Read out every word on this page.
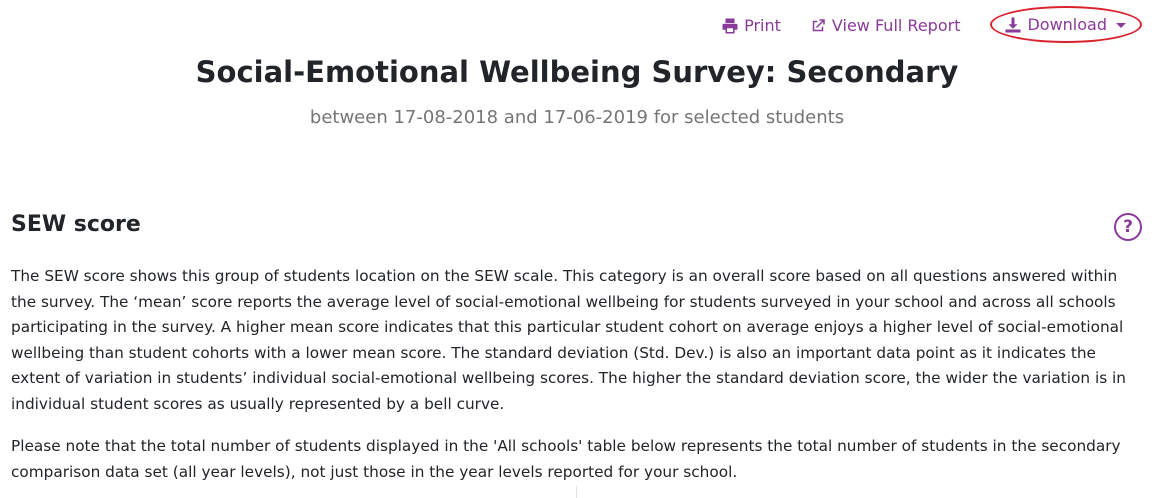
Print	View Full Report	Download
Social-Emotional Wellbeing Survey: Secondary

between 17-08-2018 and 17-06-2019 for selected students

SEW score	?

The SEW score shows this group of students location on the SEW scale. This category is an overall score based on all questions answered within the survey. The ‘mean’ score reports the average level of social-emotional wellbeing for students surveyed in your school and across all schools participating in the survey. A higher mean score indicates that this particular student cohort on average enjoys a higher level of social-emotional wellbeing than student cohorts with a lower mean score. The standard deviation (Std. Dev.) is also an important data point as it indicates the extent of variation in students’ individual social-emotional wellbeing scores. The higher the standard deviation score, the wider the variation is in individual student scores as usually represented by a bell curve.

Please note that the total number of students displayed in the 'All schools' table below represents the total number of students in the secondary comparison data set (all year levels), not just those in the year levels reported for your school.
